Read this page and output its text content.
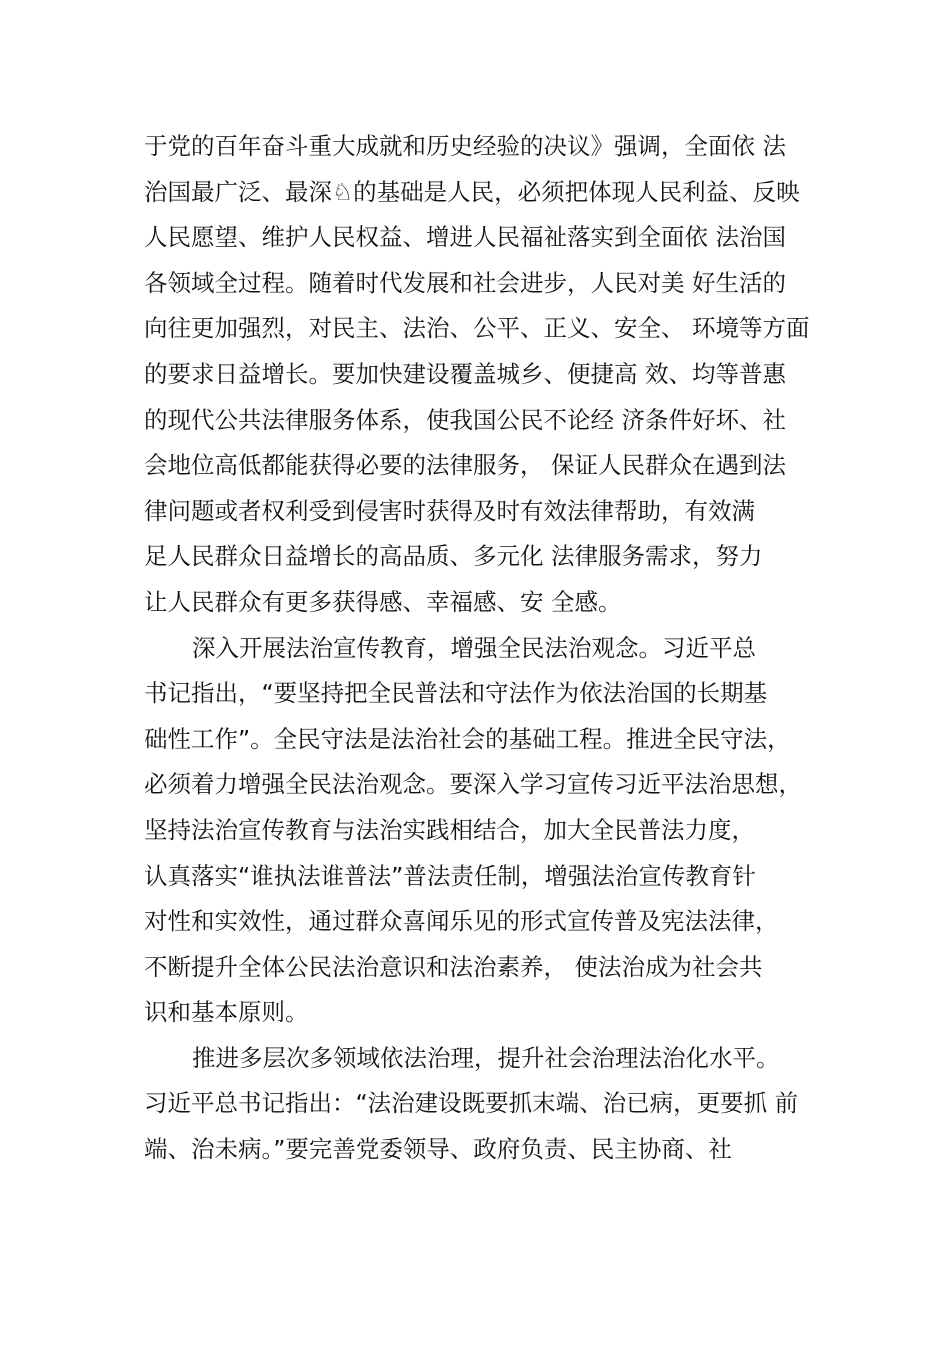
于党的百年奋斗重大成就和历史经验的决议》强调，全面依 法
治国最广泛、最深♘的基础是人民，必须把体现人民利益、反映
人民愿望、维护人民权益、增进人民福祉落实到全面依 法治国
各领域全过程。随着时代发展和社会进步，人民对美 好生活的
向往更加强烈，对民主、法治、公平、正义、安全、 环境等方面
的要求日益增长。要加快建设覆盖城乡、便捷高 效、均等普惠
的现代公共法律服务体系，使我国公民不论经 济条件好坏、社
会地位高低都能获得必要的法律服务， 保证人民群众在遇到法
律问题或者权利受到侵害时获得及时有效法律帮助，有效满
足人民群众日益增长的高品质、多元化 法律服务需求，努力
让人民群众有更多获得感、幸福感、安 全感。
深入开展法治宣传教育，增强全民法治观念。习近平总
书记指出，“要坚持把全民普法和守法作为依法治国的长期基
础性工作”。全民守法是法治社会的基础工程。推进全民守法，
必须着力增强全民法治观念。要深入学习宣传习近平法治思想，
坚持法治宣传教育与法治实践相结合，加大全民普法力度，
认真落实“谁执法谁普法”普法责任制，增强法治宣传教育针
对性和实效性，通过群众喜闻乐见的形式宣传普及宪法法律，
不断提升全体公民法治意识和法治素养， 使法治成为社会共
识和基本原则。
推进多层次多领域依法治理，提升社会治理法治化水平。
习近平总书记指出：“法治建设既要抓末端、治已病，更要抓 前
端、治未病。”要完善党委领导、政府负责、民主协商、社
